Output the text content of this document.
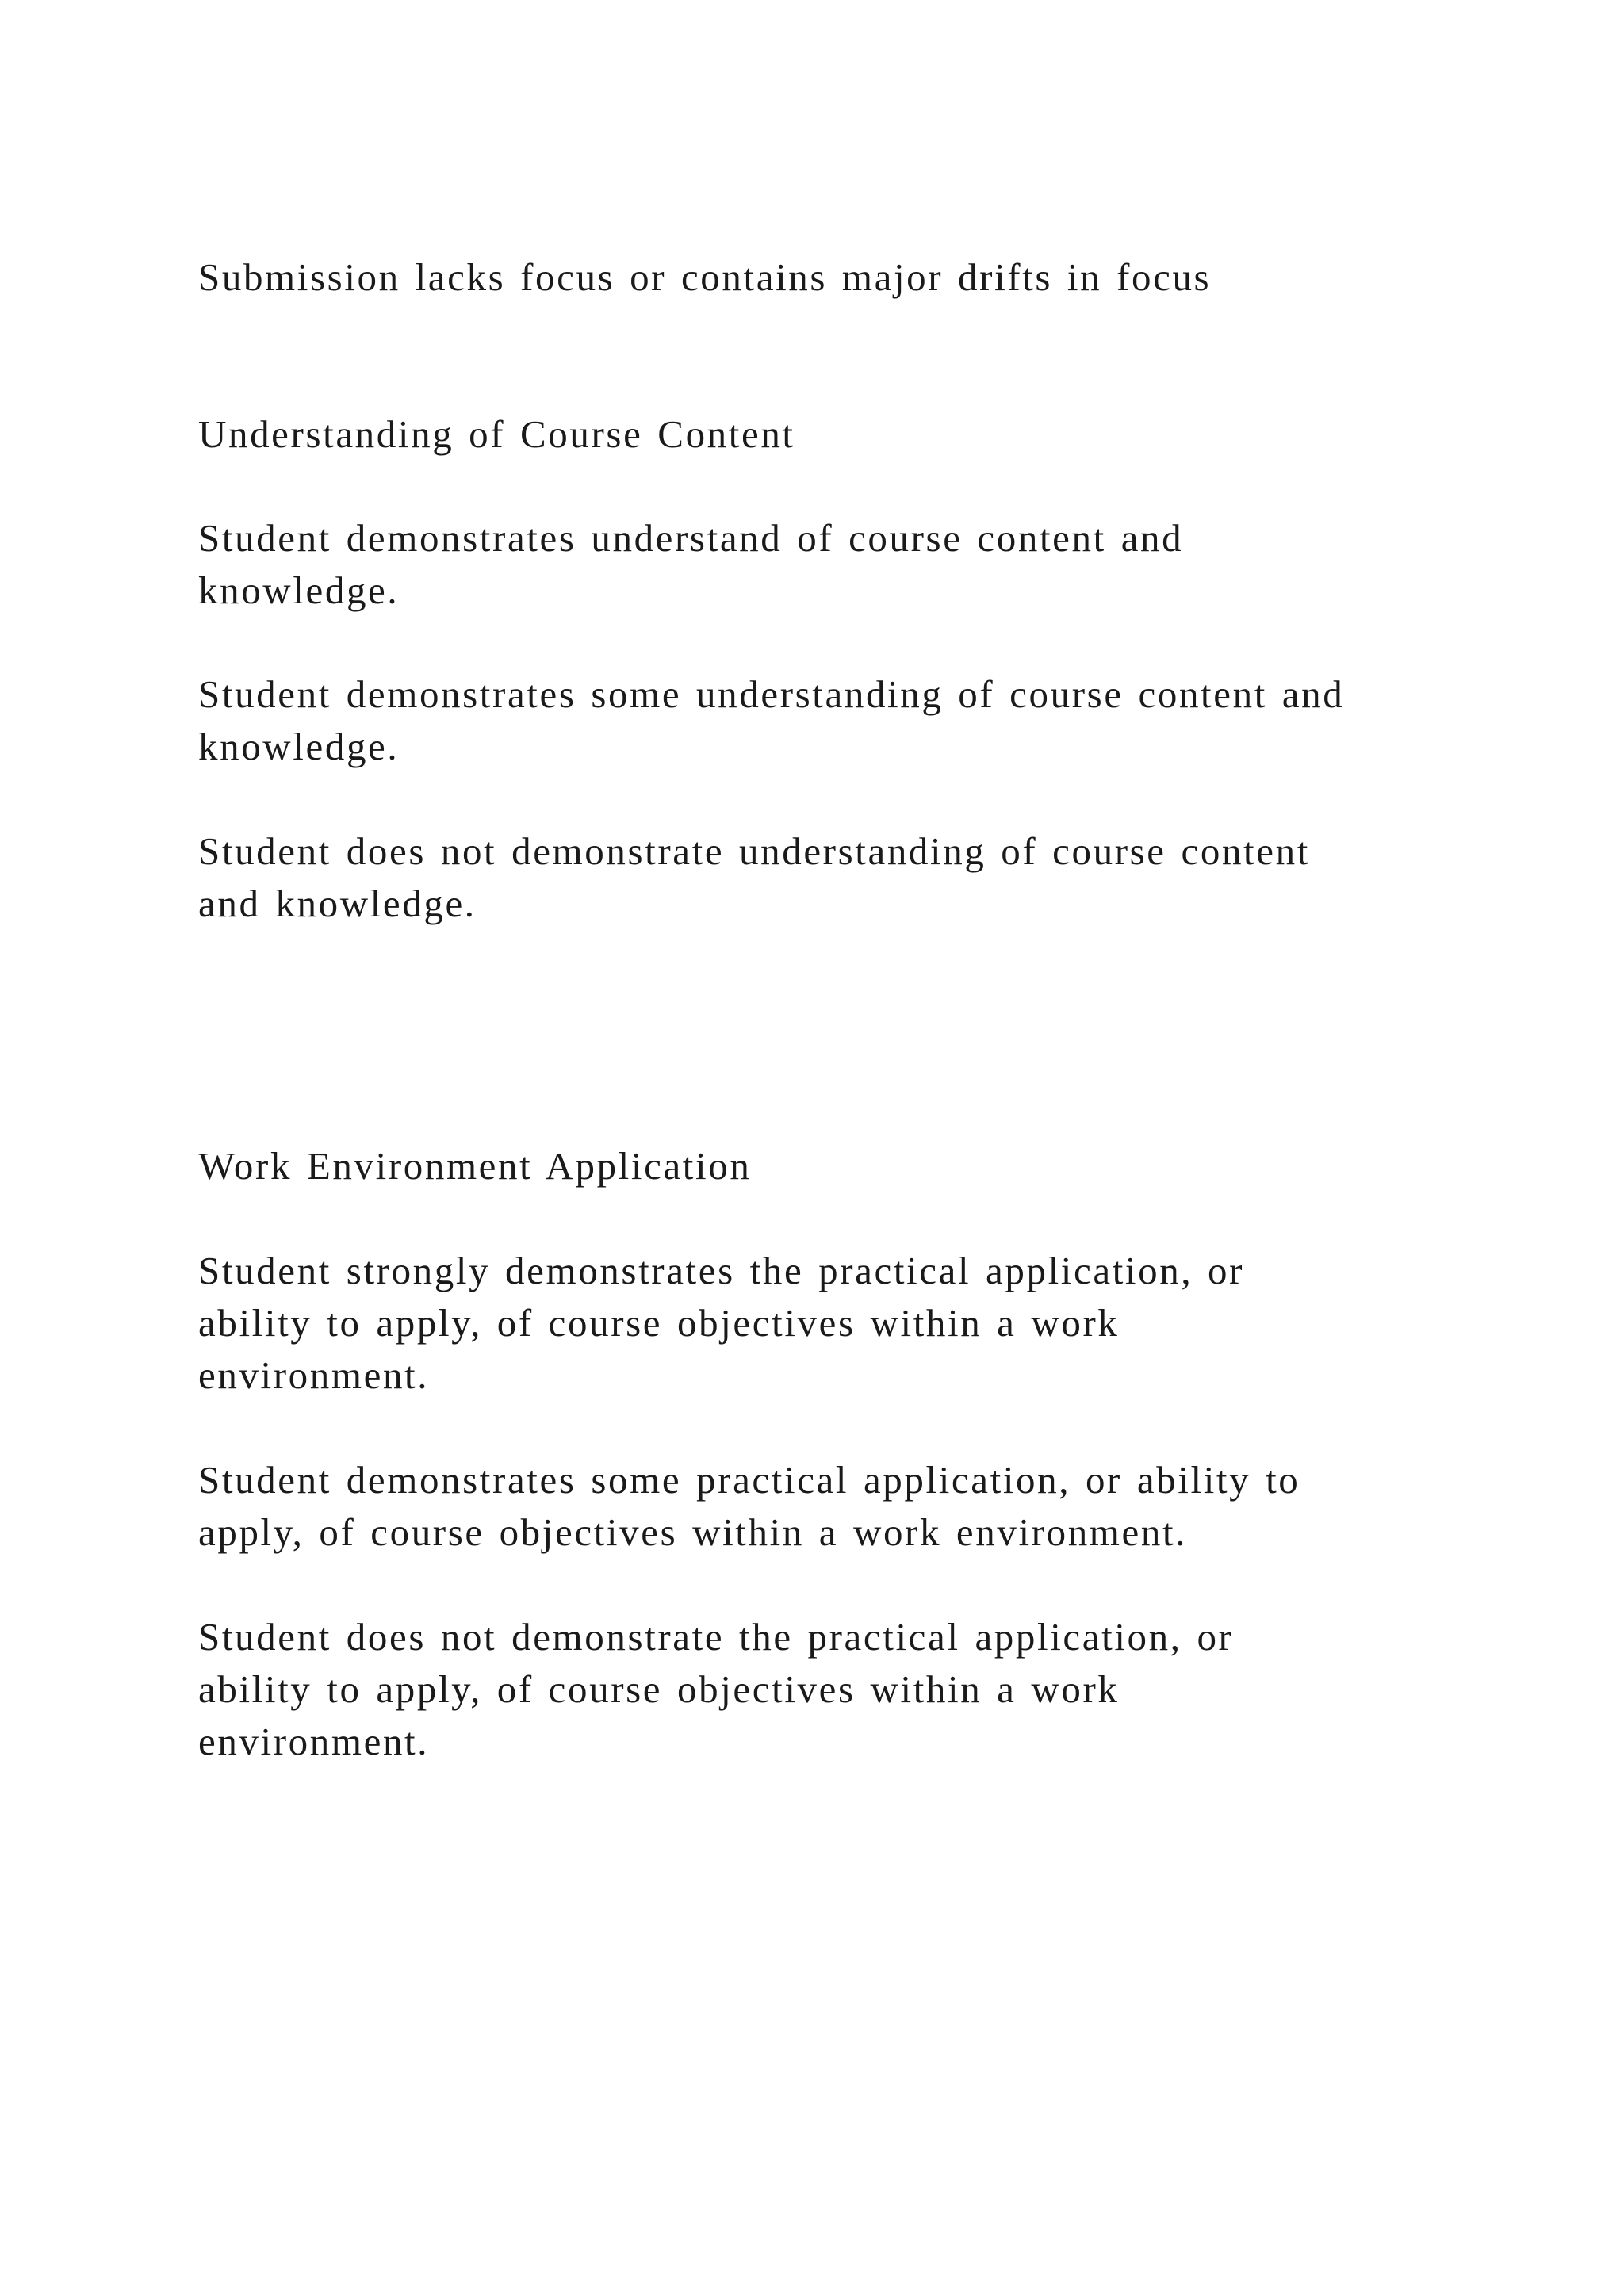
Submission lacks focus or contains major drifts in focus

Understanding of Course Content

Student demonstrates understand of course content and
knowledge.

Student demonstrates some understanding of course content and
knowledge.

Student does not demonstrate understanding of course content
and knowledge.

Work Environment Application

Student strongly demonstrates the practical application, or
ability to apply, of course objectives within a work
environment.

Student demonstrates some practical application, or ability to
apply, of course objectives within a work environment.

Student does not demonstrate the practical application, or
ability to apply, of course objectives within a work
environment.
